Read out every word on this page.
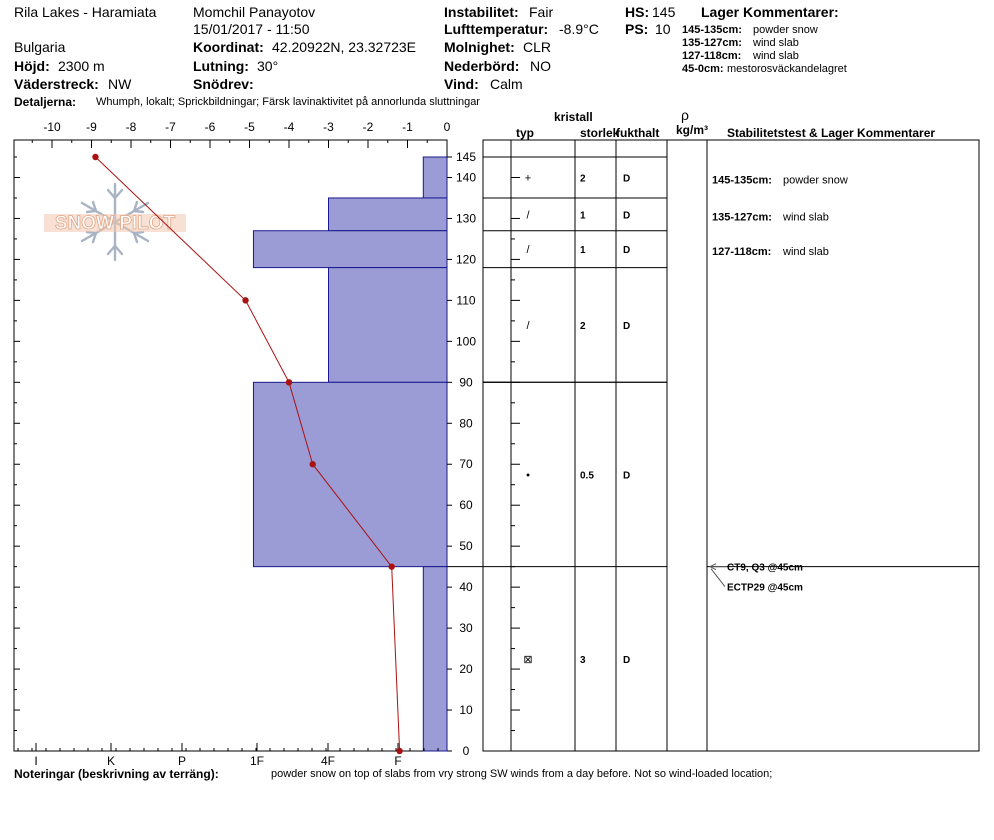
Rila Lakes - Haramiata
Bulgaria
Höjd: 2300 m
Väderstreck: NW
Momchil Panayotov
15/01/2017 - 11:50
Koordinat: 42.20922N, 23.32723E
Lutning: 30°
Snödrev:
Instabilitet: Fair
Lufttemperatur: -8.9°C
Molnighet: CLR
Nederbörd: NO
Vind: Calm
HS: 145
PS: 10
Lager Kommentarer:
145-135cm: powder snow
135-127cm: wind slab
127-118cm: wind slab
45-0cm: mestorosväckandelagret
Detaljerna: Whumph, lokalt; Sprickbildningar; Färsk lavinaktivitet på annorlunda sluttningar
kristall
typ	storlek
fukthalt
ρ
kg/m³ Stabilitetstest & Lager Kommentarer
SNOW PILOT
+	2	D
/	1	D
/	1	D
/	2	D
•	0.5	D
⊠	3	D
145-135cm: powder snow
135-127cm: wind slab
127-118cm: wind slab
0
10
20
30
40
50
60
70
80
90
100
110
120
130
140
145
-10 -9 -8 -7 -6 -5 -4 -3 -2 -1	0
I	K	P	1F	4F	F
CT9, Q3 @45cm
ECTP29 @45cm
Noteringar (beskrivning av terräng):	powder snow on top of slabs from vry strong SW winds from a day before. Not so wind-loaded location;
